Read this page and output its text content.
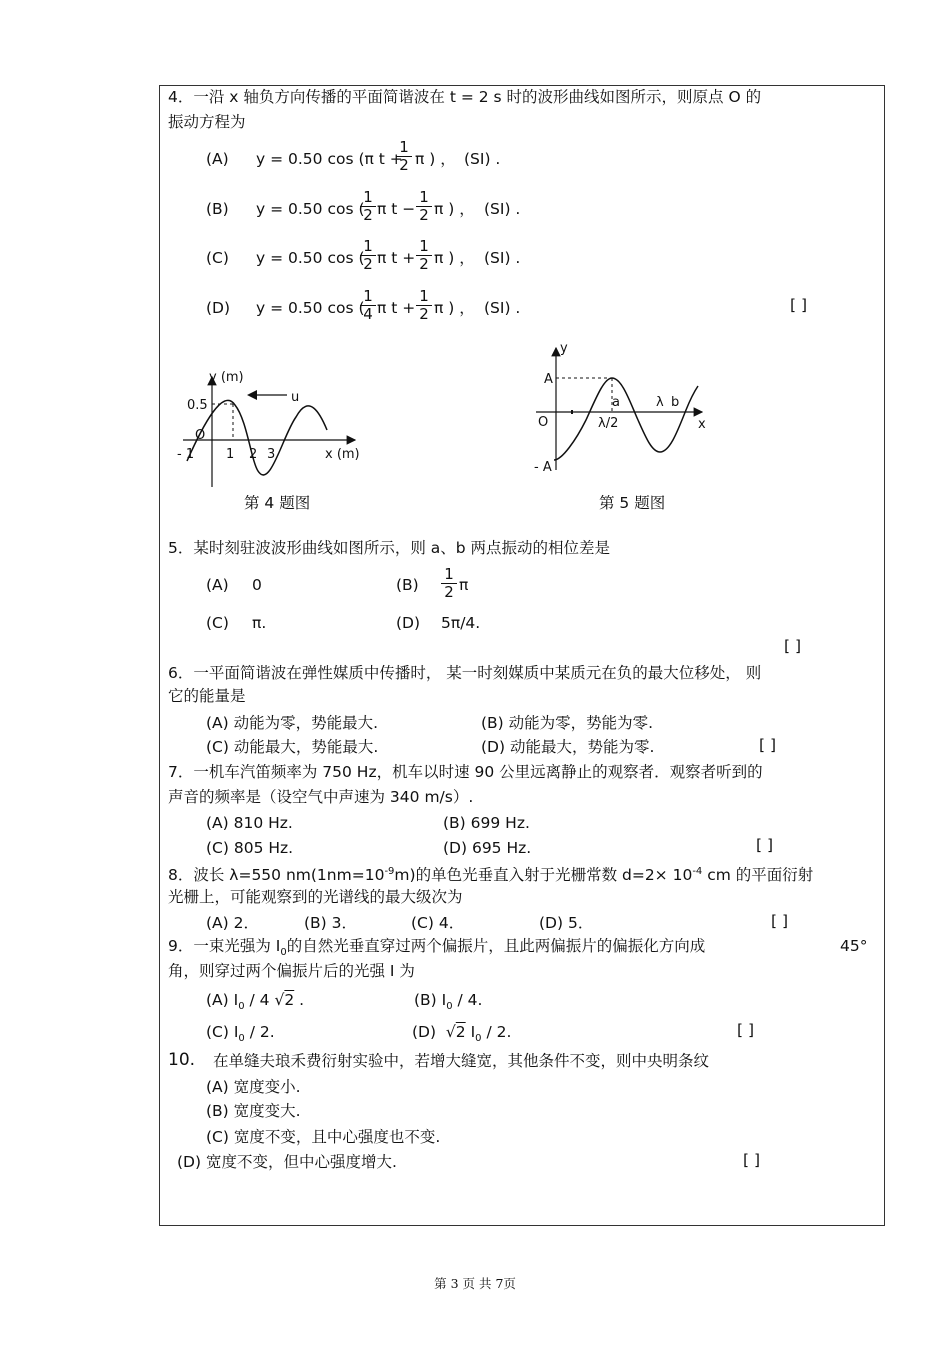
4．一沿 x 轴负方向传播的平面简谐波在 t = 2 s 时的波形曲线如图所示，则原点 O 的
振动方程为
(A) y = 0.50 cos (π t +
$\frac{1}{2}$ π ) ， (SI) .
(B) y = 0.50 cos (
$\frac{1}{2}$ π $t - \frac{1}{2}$ π ) ， (SI) .
(C) y = 0.50 cos (
$\frac{1}{2}$ π $t + \frac{1}{2}$ π ) ， (SI) .
(D) y = 0.50 cos (
$\frac{1}{4}$ π $t + \frac{1}{2}$ π ) ， (SI) .	[ ]
y (m)
0.5
O
u
- 1 1 2 3	x (m)
第 4 题图
A
- A
y
x
O
a	λ b
λ/2
第 5 题图
5．某时刻驻波波形曲线如图所示，则 a、b 两点振动的相位差是
(A) 0	$(B) \frac{1}{2}$ π
(C) π.	(D) 5π/4.
[ ]
6．一平面简谐波在弹性媒质中传播时， 某一时刻媒质中某质元在负的最大位移处， 则
它的能量是
(A) 动能为零，势能最大.	(B) 动能为零，势能为零.
(C) 动能最大，势能最大.	(D) 动能最大，势能为零.	[ ]
7．一机车汽笛频率为 750 Hz，机车以时速 90 公里远离静止的观察者．观察者听到的
声音的频率是（设空气中声速为 340 m/s）.
(A) 810 Hz.	(B) 699 Hz.
(C) 805 Hz.	(D) 695 Hz.	[ ]
8．波长 λ=550 $nm(1nm=10^{-9}m)$的单色光垂直入射于光栅常数 $d=2\times 10^{-4}$ cm 的平面衍射
光栅上，可能观察到的光谱线的最大级次为
(A) 2．	(B) 3．	(C) 4．	(D) 5．	[ ]
9．一束光强为 $I_0$的自然光垂直穿过两个偏振片，且此两偏振片的偏振化方向成	45°
角，则穿过两个偏振片后的光强 I 为
(A) $I_0 / 4$ √2 .	(B) $I_0 / 4$.
(C) $I_0 / 2$.	(D) √2 $I_0 / 2$.	[ ]
10. 在单缝夫琅禾费衍射实验中，若增大缝宽，其他条件不变，则中央明条纹
(A) 宽度变小.
(B) 宽度变大.
(C) 宽度不变，且中心强度也不变.
(D) 宽度不变，但中心强度增大.	[ ]
第 3 页 共 7页
